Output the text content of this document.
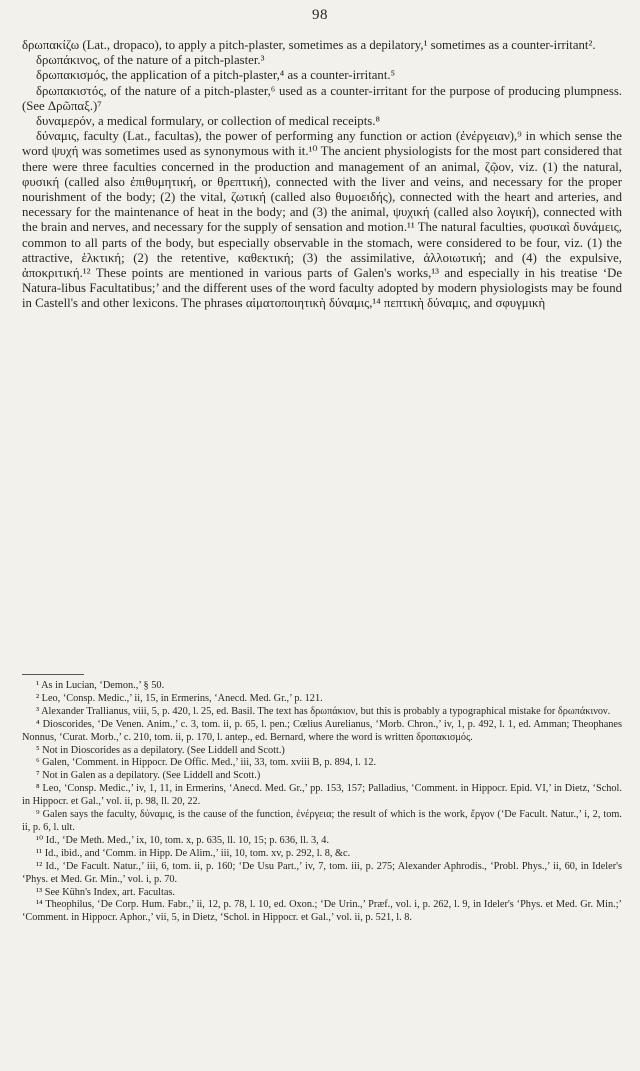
98

δρωπακίζω (Lat., dropaco), to apply a pitch-plaster, sometimes as a depilatory,¹ sometimes as a counter-irritant².

δρωπάκινος, of the nature of a pitch-plaster.³

δρωπακισμός, the application of a pitch-plaster,⁴ as a counter-irritant.⁵

δρωπακιστός, of the nature of a pitch-plaster,⁶ used as a counter-irritant for the purpose of producing plumpness. (See Δρῶπαξ.)⁷

δυναμερόν, a medical formulary, or collection of medical receipts.⁸

δύναμις, faculty (Lat., facultas), the power of performing any function or action (ἐνέργειαν),⁹ in which sense the word ψυχή was sometimes used as synonymous with it.¹⁰ The ancient physiologists for the most part considered that there were three faculties concerned in the production and management of an animal, ζῷον, viz. (1) the natural, φυσική (called also ἐπιθυμητική, or θρεπτική), connected with the liver and veins, and necessary for the proper nourishment of the body; (2) the vital, ζωτική (called also θυμοειδής), connected with the heart and arteries, and necessary for the maintenance of heat in the body; and (3) the animal, ψυχική (called also λογική), connected with the brain and nerves, and necessary for the supply of sensation and motion.¹¹ The natural faculties, φυσικαὶ δυνάμεις, common to all parts of the body, but especially observable in the stomach, were considered to be four, viz. (1) the attractive, ἑλκτική; (2) the retentive, καθεκτική; (3) the assimilative, ἀλλοιωτική; and (4) the expulsive, ἀποκριτική.¹² These points are mentioned in various parts of Galen's works,¹³ and especially in his treatise ‘De Natura-libus Facultatibus;’ and the different uses of the word faculty adopted by modern physiologists may be found in Castell's and other lexicons. The phrases αἱματοποιητικὴ δύναμις,¹⁴ πεπτικὴ δύναμις, and σφυγμικὴ

¹ As in Lucian, ‘Demon.,’ § 50.

² Leo, ‘Consp. Medic.,’ ii, 15, in Ermerins, ‘Anecd. Med. Gr.,’ p. 121.

³ Alexander Trallianus, viii, 5, p. 420, l. 25, ed. Basil. The text has δρωπάκιον, but this is probably a typographical mistake for δρωπάκινον.

⁴ Dioscorides, ‘De Venen. Anim.,’ c. 3, tom. ii, p. 65, l. pen.; Cœlius Aurelianus, ‘Morb. Chron.,’ iv, 1, p. 492, l. 1, ed. Amman; Theophanes Nonnus, ‘Curat. Morb.,’ c. 210, tom. ii, p. 170, l. antep., ed. Bernard, where the word is written δροπακισμός.

⁵ Not in Dioscorides as a depilatory. (See Liddell and Scott.)

⁶ Galen, ‘Comment. in Hippocr. De Offic. Med.,’ iii, 33, tom. xviii B, p. 894, l. 12.

⁷ Not in Galen as a depilatory. (See Liddell and Scott.)

⁸ Leo, ‘Consp. Medic.,’ iv, 1, 11, in Ermerins, ‘Anecd. Med. Gr.,’ pp. 153, 157; Palladius, ‘Comment. in Hippocr. Epid. VI,’ in Dietz, ‘Schol. in Hippocr. et Gal.,’ vol. ii, p. 98, ll. 20, 22.

⁹ Galen says the faculty, δύναμις, is the cause of the function, ἐνέργεια; the result of which is the work, ἔργον (‘De Facult. Natur.,’ i, 2, tom. ii, p. 6, l. ult.

¹⁰ Id., ‘De Meth. Med.,’ ix, 10, tom. x, p. 635, ll. 10, 15; p. 636, ll. 3, 4.

¹¹ Id., ibid., and ‘Comm. in Hipp. De Alim.,’ iii, 10, tom. xv, p. 292, l. 8, &c.

¹² Id., ‘De Facult. Natur.,’ iii, 6, tom. ii, p. 160; ‘De Usu Part.,’ iv, 7, tom. iii, p. 275; Alexander Aphrodis., ‘Probl. Phys.,’ ii, 60, in Ideler's ‘Phys. et Med. Gr. Min.,’ vol. i, p. 70.

¹³ See Kühn's Index, art. Facultas.

¹⁴ Theophilus, ‘De Corp. Hum. Fabr.,’ ii, 12, p. 78, l. 10, ed. Oxon.; ‘De Urin.,’ Præf., vol. i, p. 262, l. 9, in Ideler's ‘Phys. et Med. Gr. Min.;’ ‘Comment. in Hippocr. Aphor.,’ vii, 5, in Dietz, ‘Schol. in Hippocr. et Gal.,’ vol. ii, p. 521, l. 8.
